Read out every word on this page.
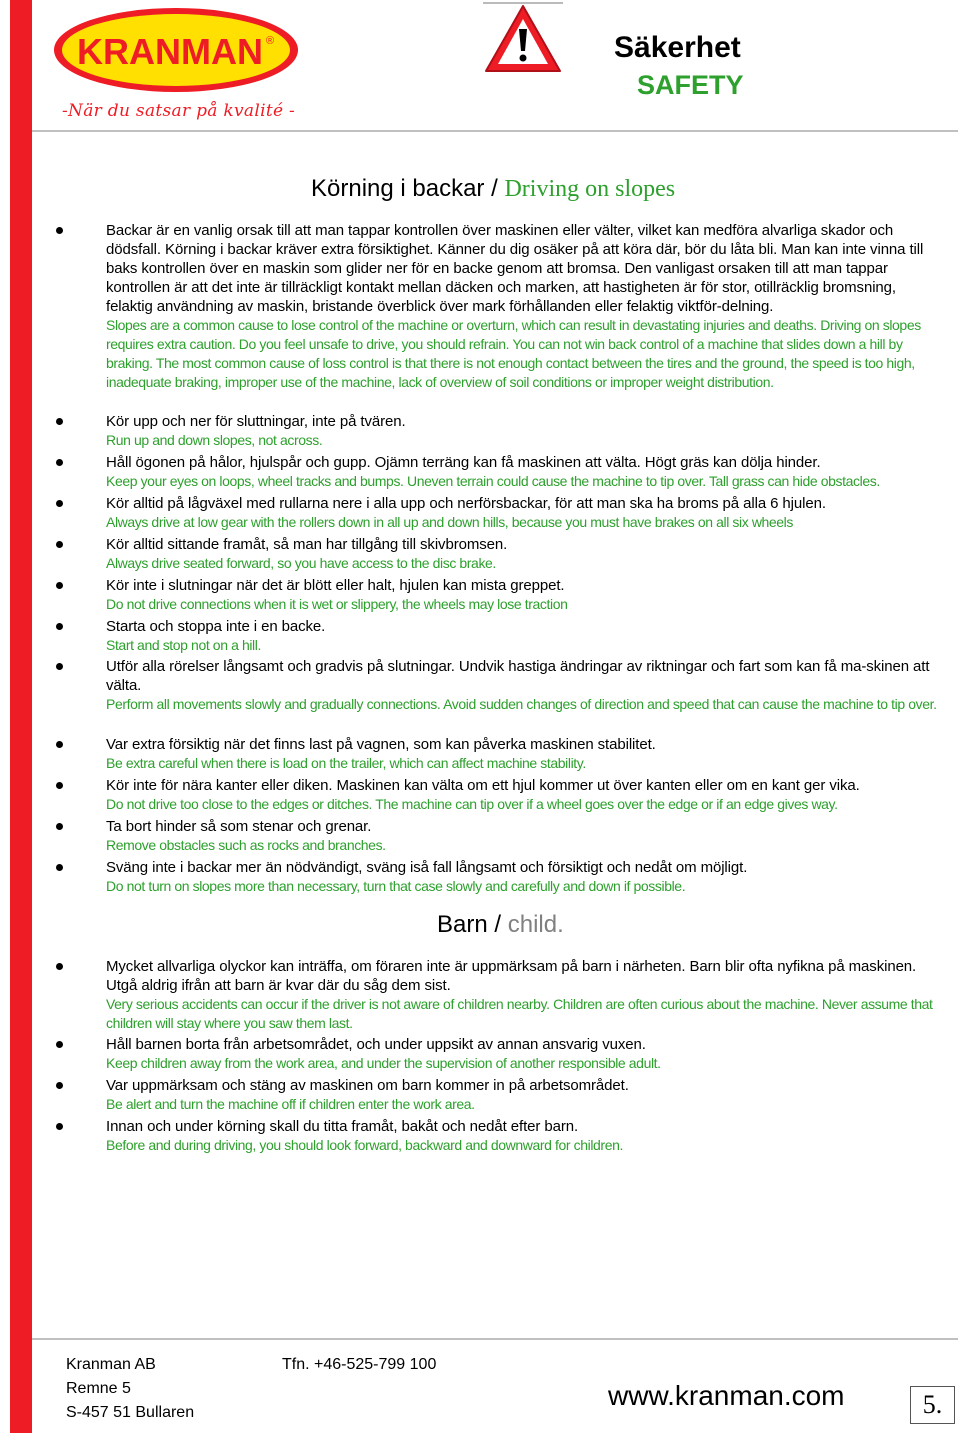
KRANMAN ®
-När du satsar på kvalité -
Säkerhet
SAFETY
Körning i backar / Driving on slopes
Backar är en vanlig orsak till att man tappar kontrollen över maskinen eller välter, vilket kan medföra alvarliga skador och dödsfall. Körning i backar kräver extra försiktighet. Känner du dig osäker på att köra där, bör du låta bli. Man kan inte vinna till baks kontrollen över en maskin som glider ner för en backe genom att bromsa. Den vanligast orsaken till att man tappar kontrollen är att det inte är tillräckligt kontakt mellan däcken och marken, att hastigheten är för stor, otillräcklig bromsning, felaktig användning av maskin, bristande överblick över mark förhållanden eller felaktig viktför-delning.
Slopes are a common cause to lose control of the machine or overturn, which can result in devastating injuries and deaths. Driving on slopes requires extra caution. Do you feel unsafe to drive, you should refrain. You can not win back control of a machine that slides down a hill by braking. The most common cause of loss control is that there is not enough contact between the tires and the ground, the speed is too high, inadequate braking, improper use of the machine, lack of overview of soil conditions or improper weight distribution.
Kör upp och ner för sluttningar, inte på tvären.
Run up and down slopes, not across.
Håll ögonen på hålor, hjulspår och gupp. Ojämn terräng kan få maskinen att välta. Högt gräs kan dölja hinder.
Keep your eyes on loops, wheel tracks and bumps. Uneven terrain could cause the machine to tip over. Tall grass can hide obstacles.
Kör alltid på lågväxel med rullarna nere i alla upp och nerförsbackar, för att man ska ha broms på alla 6 hjulen.
Always drive at low gear with the rollers down in all up and down hills, because you must have brakes on all six wheels
Kör alltid sittande framåt, så man har tillgång till skivbromsen.
Always drive seated forward, so you have access to the disc brake.
Kör inte i slutningar när det är blött eller halt, hjulen kan mista greppet.
Do not drive connections when it is wet or slippery, the wheels may lose traction
Starta och stoppa inte i en backe.
Start and stop not on a hill.
Utför alla rörelser långsamt och gradvis på slutningar. Undvik hastiga ändringar av riktningar och fart som kan få ma-skinen att välta.
Perform all movements slowly and gradually connections. Avoid sudden changes of direction and speed that can cause the machine to tip over.
Var extra försiktig när det finns last på vagnen, som kan påverka maskinen stabilitet.
Be extra careful when there is load on the trailer, which can affect machine stability.
Kör inte för nära kanter eller diken. Maskinen kan välta om ett hjul kommer ut över kanten eller om en kant ger vika.
Do not drive too close to the edges or ditches. The machine can tip over if a wheel goes over the edge or if an edge gives way.
Ta bort hinder så som stenar och grenar.
Remove obstacles such as rocks and branches.
Sväng inte i backar mer än nödvändigt, sväng iså fall långsamt och försiktigt och nedåt om möjligt.
Do not turn on slopes more than necessary, turn that case slowly and carefully and down if possible.
Barn / child.
Mycket allvarliga olyckor kan inträffa, om föraren inte är uppmärksam på barn i närheten. Barn blir ofta nyfikna på maskinen. Utgå aldrig ifrån att barn är kvar där du såg dem sist.
Very serious accidents can occur if the driver is not aware of children nearby. Children are often curious about the machine. Never assume that children will stay where you saw them last.
Håll barnen borta från arbetsområdet, och under uppsikt av annan ansvarig vuxen.
Keep children away from the work area, and under the supervision of another responsible adult.
Var uppmärksam och stäng av maskinen om barn kommer in på arbetsområdet.
Be alert and turn the machine off if children enter the work area.
Innan och under körning skall du titta framåt, bakåt och nedåt efter barn.
Before and during driving, you should look forward, backward and downward for children.
Kranman AB
Remne 5
S-457 51 Bullaren
Tfn. +46-525-799 100
www.kranman.com	5.
